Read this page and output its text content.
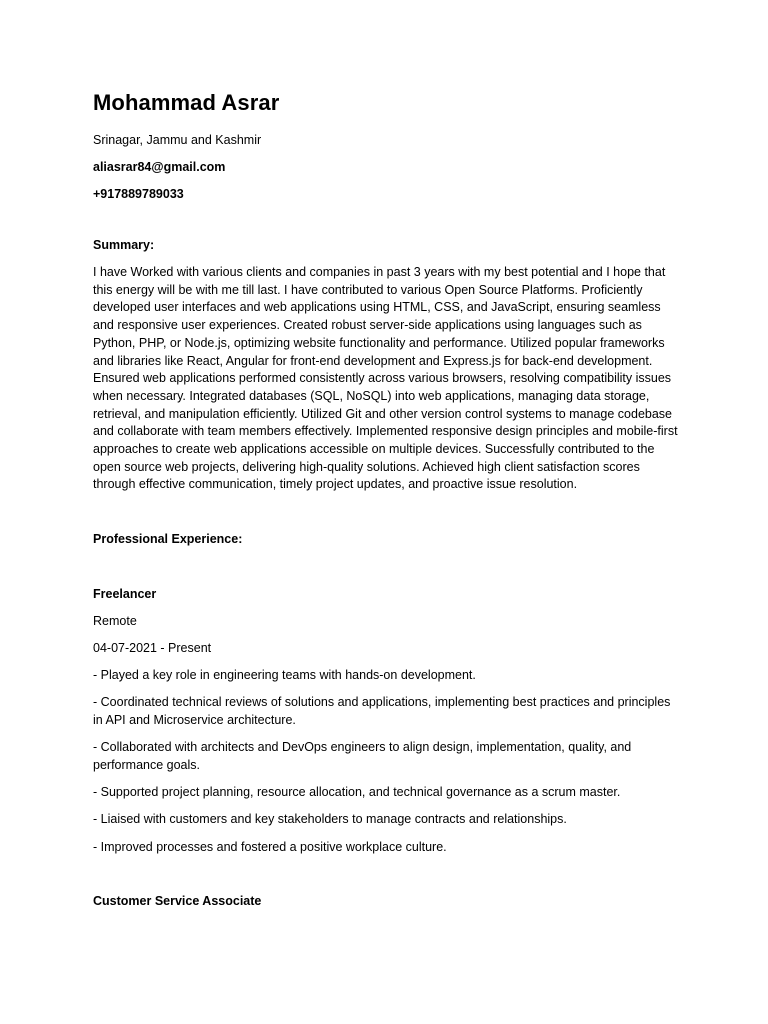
Mohammad Asrar

Srinagar, Jammu and Kashmir

aliasrar84@gmail.com

+917889789033

Summary:

I have Worked with various clients and companies in past 3 years with my best potential and I hope that this energy will be with me till last. I have contributed to various Open Source Platforms. Proficiently developed user interfaces and web applications using HTML, CSS, and JavaScript, ensuring seamless and responsive user experiences. Created robust server-side applications using languages such as Python, PHP, or Node.js, optimizing website functionality and performance. Utilized popular frameworks and libraries like React, Angular for front-end development and Express.js for back-end development. Ensured web applications performed consistently across various browsers, resolving compatibility issues when necessary. Integrated databases (SQL, NoSQL) into web applications, managing data storage, retrieval, and manipulation efficiently. Utilized Git and other version control systems to manage codebase and collaborate with team members effectively. Implemented responsive design principles and mobile-first approaches to create web applications accessible on multiple devices. Successfully contributed to the open source web projects, delivering high-quality solutions. Achieved high client satisfaction scores through effective communication, timely project updates, and proactive issue resolution.

Professional Experience:

Freelancer

Remote

04-07-2021 - Present

- Played a key role in engineering teams with hands-on development.
- Coordinated technical reviews of solutions and applications, implementing best practices and principles in API and Microservice architecture.
- Collaborated with architects and DevOps engineers to align design, implementation, quality, and performance goals.
- Supported project planning, resource allocation, and technical governance as a scrum master.
- Liaised with customers and key stakeholders to manage contracts and relationships.
- Improved processes and fostered a positive workplace culture.

Customer Service Associate
